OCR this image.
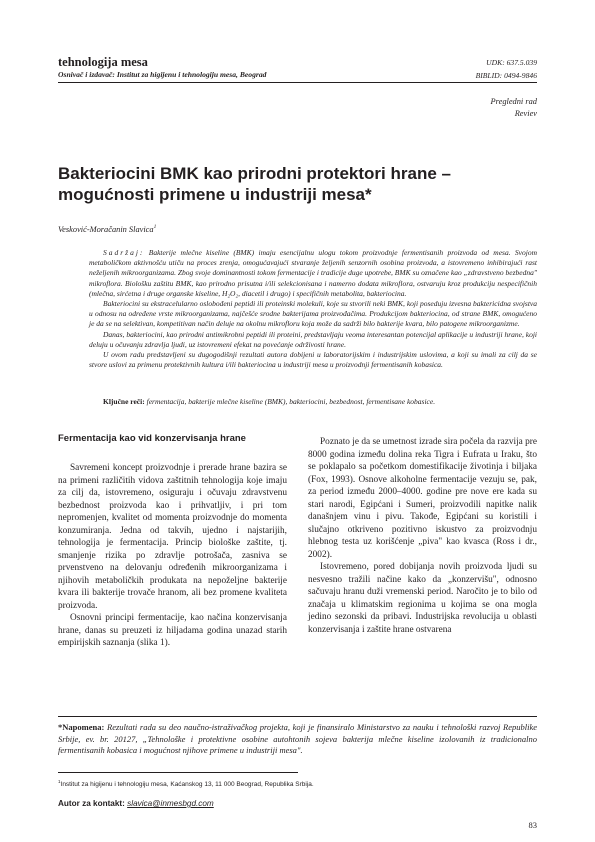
tehnologija mesa
Osnivač i izdavač: Institut za higijenu i tehnologiju mesa, Beograd
UDK: 637.5.039
BIBLID: 0494-9846
Pregledni rad
Reviev
Bakteriocini BMK kao prirodni protektori hrane – mogućnosti primene u industriji mesa*
Vesković-Moračanin Slavica$^1$

Sadržaj: Bakterije mlečne kiseline (BMK) imaju esencijalnu ulogu tokom proizvodnje fermentisanih proizvoda od mesa. Svojom metaboličkom aktivnošću utiču na proces zrenja, omogućavajući stvaranje željenih senzornih osobina proizvoda, a istovremeno inhibirajući rast neželjenih mikroorganizama. Zbog svoje dominantnosti tokom fermentacije i tradicije duge upotrebe, BMK su označene kao „zdravstveno bezbedna" mikroflora. Biološku zaštitu BMK, kao prirodno prisutna i/ili selekcionisana i namerno dodata mikroflora, ostvaruju kroz produkciju nespecifičnih (mlečna, sirćetna i druge organske kiseline, H₂O₂, diacetil i drugo) i specifičnih metabolita, bakteriocina.

Bakteriocini su ekstracelularno oslobođeni peptidi ili proteinski molekuli, koje su stvorili neki BMK, koji poseduju izvesna baktericidna svojstva u odnosu na određene vrste mikroorganizama, najčešće srodne bakterijama proizvođačima. Produkcijom bakteriocina, od strane BMK, omogućeno je da se na selektivan, kompetitivan način deluje na okolnu mikrofloru koja može da sadrži bilo bakterije kvara, bilo patogene mikroorganizme.

Danas, bakteriocini, kao prirodni antimikrobni peptidi ili proteini, predstavljaju veoma interesantan potencijal aplikacije u industriji hrane, koji deluju u očuvanju zdravlja ljudi, uz istovremeni efekat na povećanje održivosti hrane.

U ovom radu predstavljeni su dugogodišnji rezultati autora dobijeni u laboratorijskim i industrijskim uslovima, a koji su imali za cilj da se stvore uslovi za primenu protektivnih kultura i/ili bakteriocina u industriji mesa u proizvodnji fermentisanih kobasica.

Ključne reči: fermentacija, bakterije mlečne kiseline (BMK), bakteriocini, bezbednost, fermentisane kobasice.
Fermentacija kao vid konzervisanja hrane

Savremeni koncept proizvodnje i prerade hrane bazira se na primeni različitih vidova zaštitnih tehnologija koje imaju za cilj da, istovremeno, osiguraju i očuvaju zdravstvenu bezbednost proizvoda kao i prihvatljiv, i pri tom nepromenjen, kvalitet od momenta proizvodnje do momenta konzumiranja. Jedna od takvih, ujedno i najstarijih, tehnologija je fermentacija. Princip biološke zaštite, tj. smanjenje rizika po zdravlje potrošača, zasniva se prvenstveno na delovanju određenih mikroorganizama i njihovih metaboličkih produkata na nepoželjne bakterije kvara ili bakterije trovače hranom, ali bez promene kvaliteta proizvoda.

Osnovni principi fermentacije, kao načina konzervisanja hrane, danas su preuzeti iz hiljadama godina unazad starih empirijskih saznanja (slika 1).

Poznato je da se umetnost izrade sira počela da razvija pre 8000 godina između dolina reka Tigra i Eufrata u Iraku, što se poklapalo sa početkom domestifikacije životinja i biljaka (Fox, 1993). Osnove alkoholne fermentacije vezuju se, pak, za period između 2000–4000. godine pre nove ere kada su stari narodi, Egipćani i Sumeri, proizvodili napitke nalik današnjem vinu i pivu. Takođe, Egipćani su koristili i slučajno otkriveno pozitivno iskustvo za proizvodnju hlebnog testa uz korišćenje „piva" kao kvasca (Ross i dr., 2002).

Istovremeno, pored dobijanja novih proizvoda ljudi su nesvesno tražili načine kako da „konzervišu", odnosno sačuvaju hranu duži vremenski period. Naročito je to bilo od značaja u klimatskim regionima u kojima se ona mogla jedino sezonski da pribavi. Industrijska revolucija u oblasti konzervisanja i zaštite hrane ostvarena

*Napomena: Rezultati rada su deo naučno-istraživačkog projekta, koji je finansiralo Ministarstvo za nauku i tehnološki razvoj Republike Srbije, ev. br. 20127, „Tehnološke i protektivne osobine autohtonih sojeva bakterija mlečne kiseline izolovanih iz tradicionalno fermentisanih kobasica i mogućnost njihove primene u industriji mesa".
$^1$Institut za higijenu i tehnologiju mesa, Kaćanskog 13, 11 000 Beograd, Republika Srbija.
Autor za kontakt: slavica@inmesbgd.com
83
